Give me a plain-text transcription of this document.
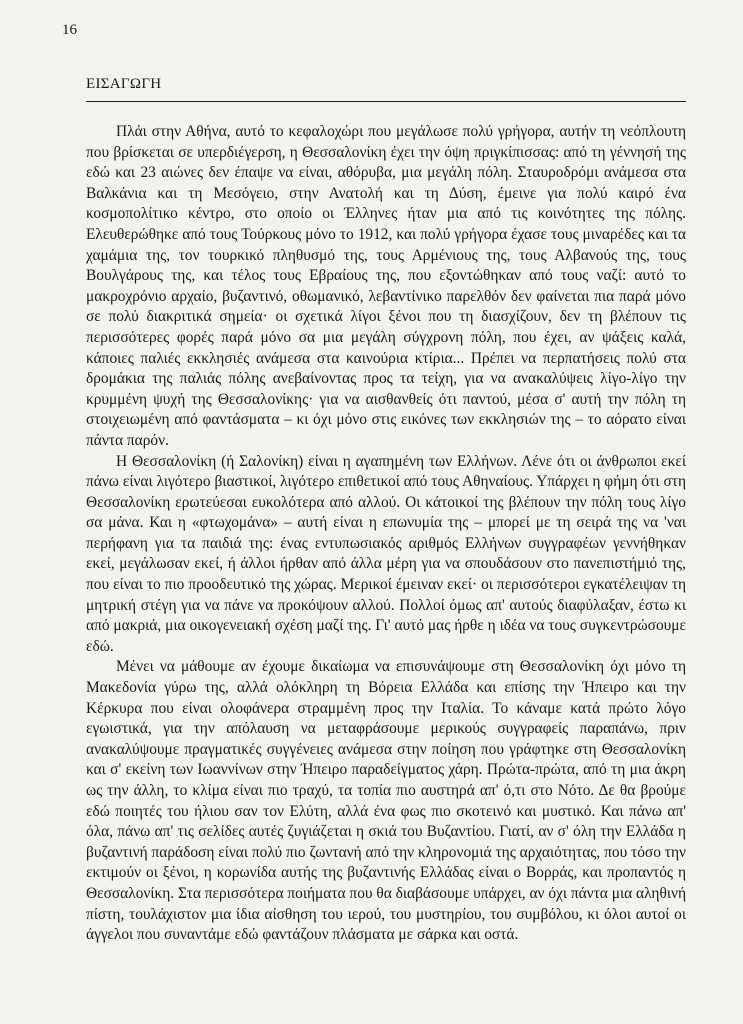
16
ΕΙΣΑΓΩΓΗ

Πλάι στην Αθήνα, αυτό το κεφαλοχώρι που μεγάλωσε πολύ γρήγορα, αυτήν τη νεόπλουτη που βρίσκεται σε υπερδιέγερση, η Θεσσαλονίκη έχει την όψη πριγκίπισσας: από τη γέννησή της εδώ και 23 αιώνες δεν έπαψε να είναι, αθόρυβα, μια μεγάλη πόλη. Σταυροδρόμι ανάμεσα στα Βαλκάνια και τη Μεσόγειο, στην Ανατολή και τη Δύση, έμεινε για πολύ καιρό ένα κοσμοπολίτικο κέντρο, στο οποίο οι Έλληνες ήταν μια από τις κοινότητες της πόλης. Ελευθερώθηκε από τους Τούρκους μόνο το 1912, και πολύ γρήγορα έχασε τους μιναρέδες και τα χαμάμια της, τον τουρκικό πληθυσμό της, τους Αρμένιους της, τους Αλβανούς της, τους Βουλγάρους της, και τέλος τους Εβραίους της, που εξοντώθηκαν από τους ναζί: αυτό το μακροχρόνιο αρχαίο, βυζαντινό, οθωμανικό, λεβαντίνικο παρελθόν δεν φαίνεται πια παρά μόνο σε πολύ διακριτικά σημεία· οι σχετικά λίγοι ξένοι που τη διασχίζουν, δεν τη βλέπουν τις περισσότερες φορές παρά μόνο σα μια μεγάλη σύγχρονη πόλη, που έχει, αν ψάξεις καλά, κάποιες παλιές εκκλησιές ανάμεσα στα καινούρια κτίρια... Πρέπει να περπατήσεις πολύ στα δρομάκια της παλιάς πόλης ανεβαίνοντας προς τα τείχη, για να ανακαλύψεις λίγο-λίγο την κρυμμένη ψυχή της Θεσσαλονίκης· για να αισθανθείς ότι παντού, μέσα σ' αυτή την πόλη τη στοιχειωμένη από φαντάσματα – κι όχι μόνο στις εικόνες των εκκλησιών της – το αόρατο είναι πάντα παρόν.

Η Θεσσαλονίκη (ή Σαλονίκη) είναι η αγαπημένη των Ελλήνων. Λένε ότι οι άνθρωποι εκεί πάνω είναι λιγότερο βιαστικοί, λιγότερο επιθετικοί από τους Αθηναίους. Υπάρχει η φήμη ότι στη Θεσσαλονίκη ερωτεύεσαι ευκολότερα από αλλού. Οι κάτοικοί της βλέπουν την πόλη τους λίγο σα μάνα. Και η «φτωχομάνα» – αυτή είναι η επωνυμία της – μπορεί με τη σειρά της να 'ναι περήφανη για τα παιδιά της: ένας εντυπωσιακός αριθμός Ελλήνων συγγραφέων γεννήθηκαν εκεί, μεγάλωσαν εκεί, ή άλλοι ήρθαν από άλλα μέρη για να σπουδάσουν στο πανεπιστήμιό της, που είναι το πιο προοδευτικό της χώρας. Μερικοί έμειναν εκεί· οι περισσότεροι εγκατέλειψαν τη μητρική στέγη για να πάνε να προκόψουν αλλού. Πολλοί όμως απ' αυτούς διαφύλαξαν, έστω κι από μακριά, μια οικογενειακή σχέση μαζί της. Γι' αυτό μας ήρθε η ιδέα να τους συγκεντρώσουμε εδώ.

Μένει να μάθουμε αν έχουμε δικαίωμα να επισυνάψουμε στη Θεσσαλονίκη όχι μόνο τη Μακεδονία γύρω της, αλλά ολόκληρη τη Βόρεια Ελλάδα και επίσης την Ήπειρο και την Κέρκυρα που είναι ολοφάνερα στραμμένη προς την Ιταλία. Το κάναμε κατά πρώτο λόγο εγωιστικά, για την απόλαυση να μεταφράσουμε μερικούς συγγραφείς παραπάνω, πριν ανακαλύψουμε πραγματικές συγγένειες ανάμεσα στην ποίηση που γράφτηκε στη Θεσσαλονίκη και σ' εκείνη των Ιωαννίνων στην Ήπειρο παραδείγματος χάρη. Πρώτα-πρώτα, από τη μια άκρη ως την άλλη, το κλίμα είναι πιο τραχύ, τα τοπία πιο αυστηρά απ' ό,τι στο Νότο. Δε θα βρούμε εδώ ποιητές του ήλιου σαν τον Ελύτη, αλλά ένα φως πιο σκοτεινό και μυστικό. Και πάνω απ' όλα, πάνω απ' τις σελίδες αυτές ζυγιάζεται η σκιά του Βυζαντίου. Γιατί, αν σ' όλη την Ελλάδα η βυζαντινή παράδοση είναι πολύ πιο ζωντανή από την κληρονομιά της αρχαιότητας, που τόσο την εκτιμούν οι ξένοι, η κορωνίδα αυτής της βυζαντινής Ελλάδας είναι ο Βορράς, και προπαντός η Θεσσαλονίκη. Στα περισσότερα ποιήματα που θα διαβάσουμε υπάρχει, αν όχι πάντα μια αληθινή πίστη, τουλάχιστον μια ίδια αίσθηση του ιερού, του μυστηρίου, του συμβόλου, κι όλοι αυτοί οι άγγελοι που συναντάμε εδώ φαντάζουν πλάσματα με σάρκα και οστά.
